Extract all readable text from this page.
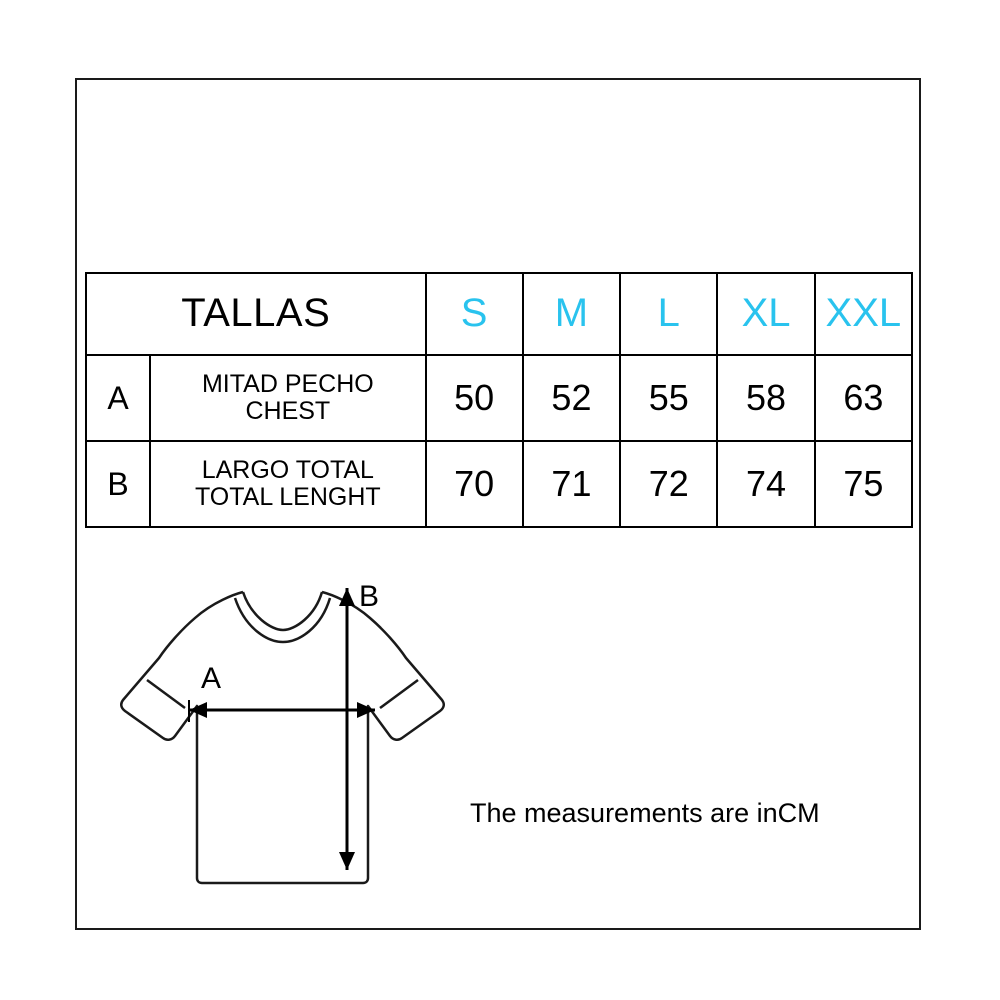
TALLAS		S	M	L	XL	XXL
A	MITAD PECHO
CHEST	50	52	55	58	63
B	LARGO TOTAL
TOTAL LENGHT	70	71	72	74	75
A
B
The measurements are inCM
